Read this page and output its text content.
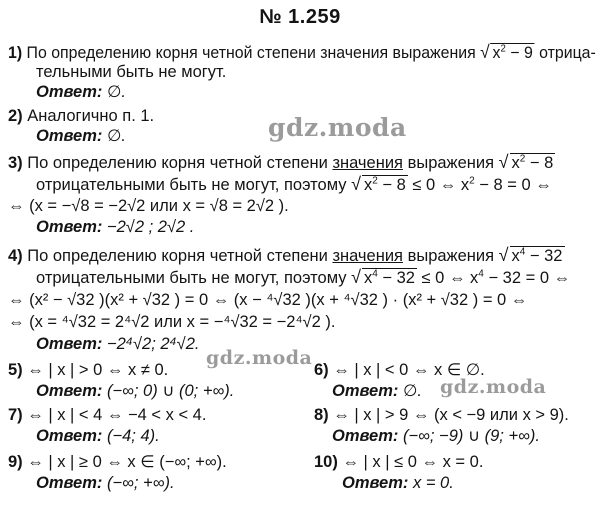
№ 1.259
1) По определению корня четной степени значения выражения √ $x^2 - 9$ отрица-
тельными быть не могут.
Ответ: ∅.
2) Аналогично п. 1.
Ответ: ∅.
3) По определению корня четной степени значения выражения √ $x^2 - 8$
отрицательными быть не могут, поэтому √ $x^2 - 8 \le 0$ ⇔ $x^2 - 8 = 0$ ⇔
⇔ (x = −√8 = −2√2 или x = √8 = 2√2 ).
Ответ: −2√2 ; 2√2 .
4) По определению корня четной степени значения выражения √ $x^4 - 32$
отрицательными быть не могут, поэтому √ $x^4 - 32 \le 0$ ⇔ $x^4 - 32 = 0$ ⇔
⇔ (x² − √32 )(x² + √32 ) = 0 ⇔ (x − ⁴√32 )(x + ⁴√32 ) · (x² + √32 ) = 0 ⇔
⇔ (x = ⁴√32 = 2⁴√2 или x = −⁴√32 = −2⁴√2 ).
Ответ: −2⁴√2; 2⁴√2.
5) ⇔ | x | > 0 ⇔ x ≠ 0.
Ответ: (−∞; 0) ∪ (0; +∞).
6) ⇔ | x | < 0 ⇔ x ∈ ∅.
Ответ: ∅.
7) ⇔ | x | < 4 ⇔ −4 < x < 4.
Ответ: (−4; 4).
8) ⇔ | x | > 9 ⇔ (x < −9 или x > 9).
Ответ: (−∞; −9) ∪ (9; +∞).
9) ⇔ | x | ≥ 0 ⇔ x ∈ (−∞; +∞).
Ответ: (−∞; +∞).
10) ⇔ | x | ≤ 0 ⇔ x = 0.
Ответ: x = 0.
gdz.moda
gdz.moda
gdz.moda
